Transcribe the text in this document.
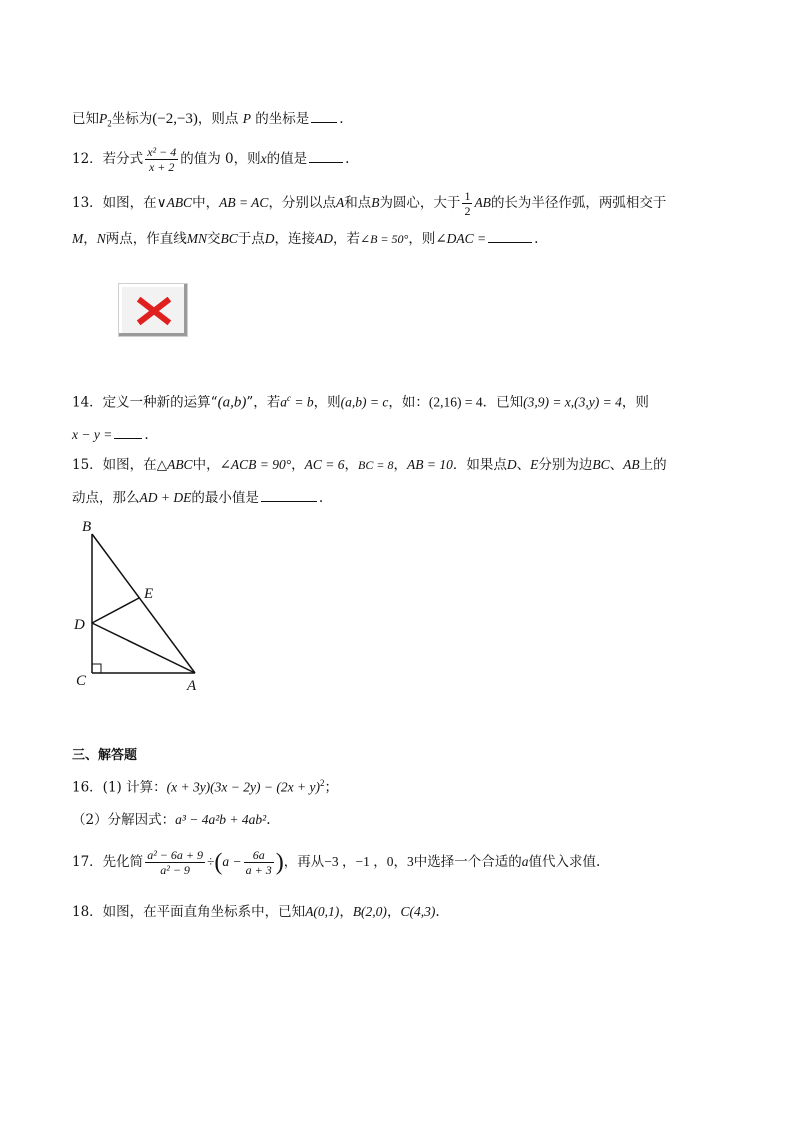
已知$P_2$坐标为(−2,−3)，则点 P 的坐标是 .
12．若分式 $\frac{\text{x² − 4}}{x + 2}$ 的值为 0，则x的值是	.
13．如图，在∨ABC中，AB = AC，分别以点A和点B为圆心，大于 $\frac{1}{2}$ AB的长为半径作弧，两弧相交于
M，N两点，作直线MN交BC于点D，连接AD，若∠B = 50°，则∠DAC =	.
14．定义一种新的运算“(a,b)”，若$a^c = b$，则(a,b) = c，如：(2,16) = 4．已知(3,9) = x,(3,y) = 4，则
x − y = .
15．如图，在△ABC中，∠ACB = 90°，AC = 6，BC = 8，AB = 10．如果点D、E分别为边BC、AB上的
动点，那么AD + DE的最小值是	.
B
E
D
C	A
三、解答题
16．(1) 计算：$(x + 3y)(3x - 2y) - (2x + y)^2$；
（2）分解因式：a³ − 4a²b + 4ab².
17．先化简 $\frac{\text{a² − 6a + 9}}{\text{a² − 9}} \div(a - \frac{6a}{a + 3}$ )，再从−3 ，−1 ，0，3中选择一个合适的a值代入求值.
18．如图，在平面直角坐标系中，已知A(0,1)，B(2,0)，C(4,3).
